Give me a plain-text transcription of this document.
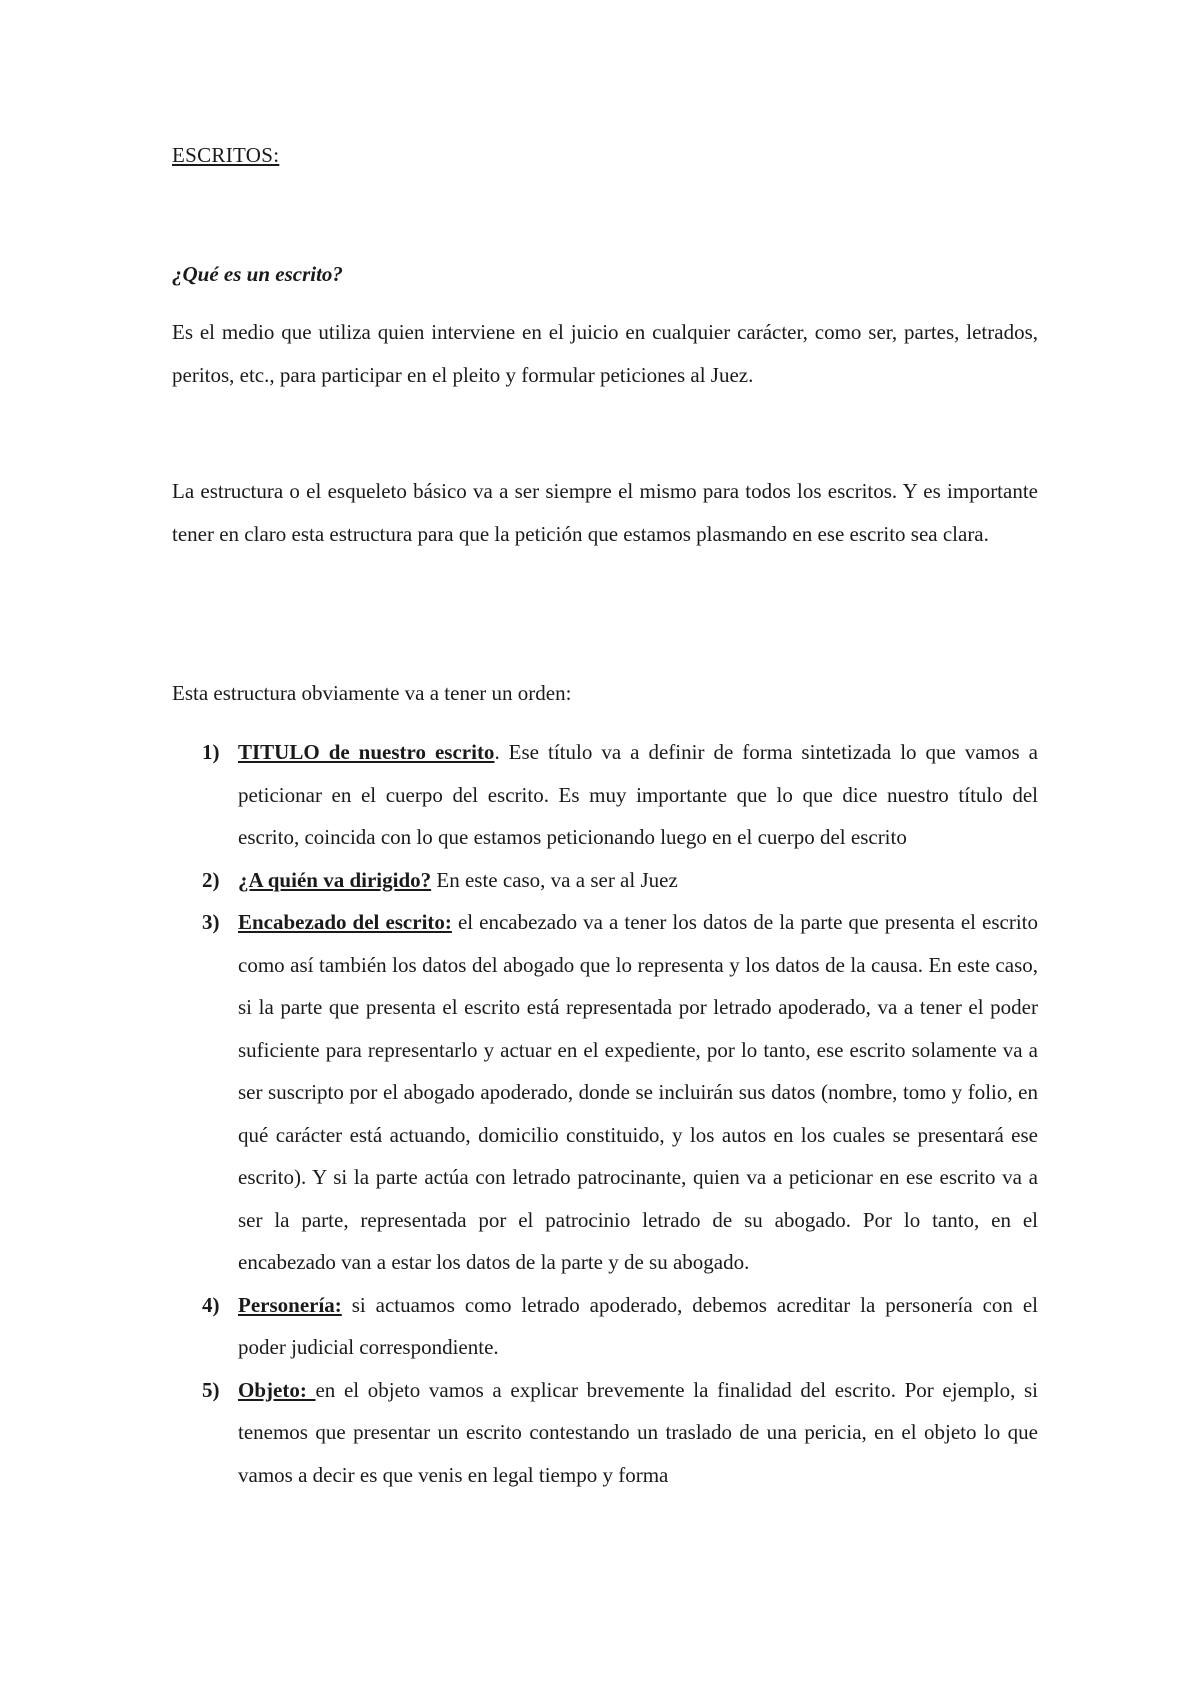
ESCRITOS:
¿Qué es un escrito?
Es el medio que utiliza quien interviene en el juicio en cualquier carácter, como ser, partes, letrados, peritos, etc., para participar en el pleito y formular peticiones al Juez.
La estructura o el esqueleto básico va a ser siempre el mismo para todos los escritos. Y es importante tener en claro esta estructura para que la petición que estamos plasmando en ese escrito sea clara.
Esta estructura obviamente va a tener un orden:
1) TITULO de nuestro escrito. Ese título va a definir de forma sintetizada lo que vamos a peticionar en el cuerpo del escrito. Es muy importante que lo que dice nuestro título del escrito, coincida con lo que estamos peticionando luego en el cuerpo del escrito
2) ¿A quién va dirigido? En este caso, va a ser al Juez
3) Encabezado del escrito: el encabezado va a tener los datos de la parte que presenta el escrito como así también los datos del abogado que lo representa y los datos de la causa. En este caso, si la parte que presenta el escrito está representada por letrado apoderado, va a tener el poder suficiente para representarlo y actuar en el expediente, por lo tanto, ese escrito solamente va a ser suscripto por el abogado apoderado, donde se incluirán sus datos (nombre, tomo y folio, en qué carácter está actuando, domicilio constituido, y los autos en los cuales se presentará ese escrito). Y si la parte actúa con letrado patrocinante, quien va a peticionar en ese escrito va a ser la parte, representada por el patrocinio letrado de su abogado. Por lo tanto, en el encabezado van a estar los datos de la parte y de su abogado.
4) Personería: si actuamos como letrado apoderado, debemos acreditar la personería con el poder judicial correspondiente.
5) Objeto: en el objeto vamos a explicar brevemente la finalidad del escrito. Por ejemplo, si tenemos que presentar un escrito contestando un traslado de una pericia, en el objeto lo que vamos a decir es que venis en legal tiempo y forma
